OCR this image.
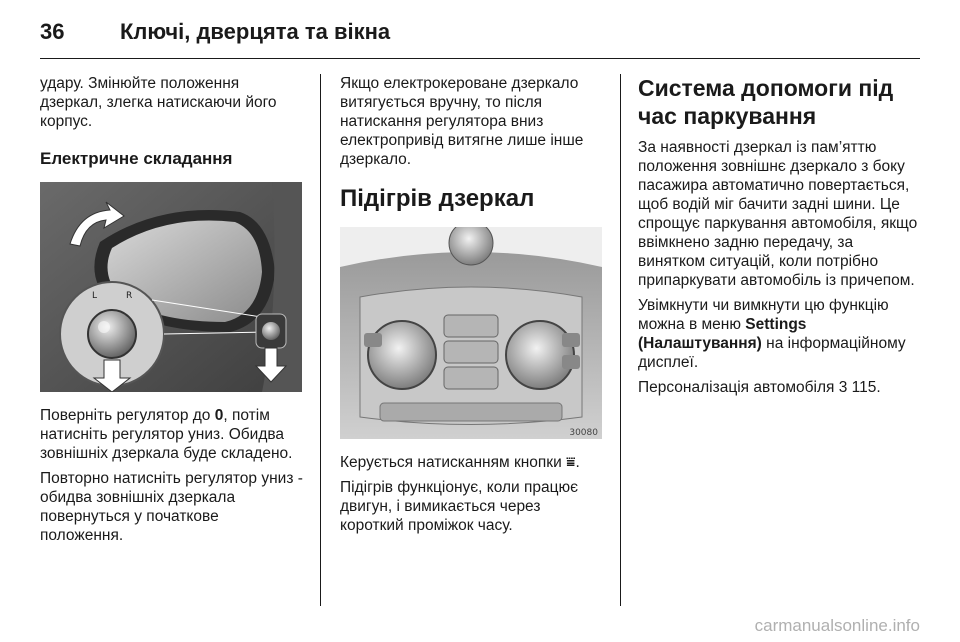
36	Ключі, дверцята та вікна

удару. Змінюйте положення дзеркал, злегка натискаючи його корпус.

Електричне складання
L	R

Поверніть регулятор до 0, потім натисніть регулятор униз. Обидва зовнішніх дзеркала буде складено.

Повторно натисніть регулятор униз - обидва зовнішніх дзеркала повернуться у початкове положення.

Якщо електрокероване дзеркало витягується вручну, то після натискання регулятора вниз електропривід витягне лише інше дзеркало.

Підігрів дзеркал
30080

Керується натисканням кнопки ⩸.

Підігрів функціонує, коли працює двигун, і вимикається через короткий проміжок часу.

Система допомоги під час паркування

За наявності дзеркал із пам’яттю положення зовнішнє дзеркало з боку пасажира автоматично повертається, щоб водій міг бачити задні шини. Це спрощує паркування автомобіля, якщо ввімкнено задню передачу, за винятком ситуацій, коли потрібно припаркувати автомобіль із причепом.

Увімкнути чи вимкнути цю функцію можна в меню Settings (Налаштування) на інформаційному дисплеї.

Персоналізація автомобіля 3 115.

carmanualsonline.info
